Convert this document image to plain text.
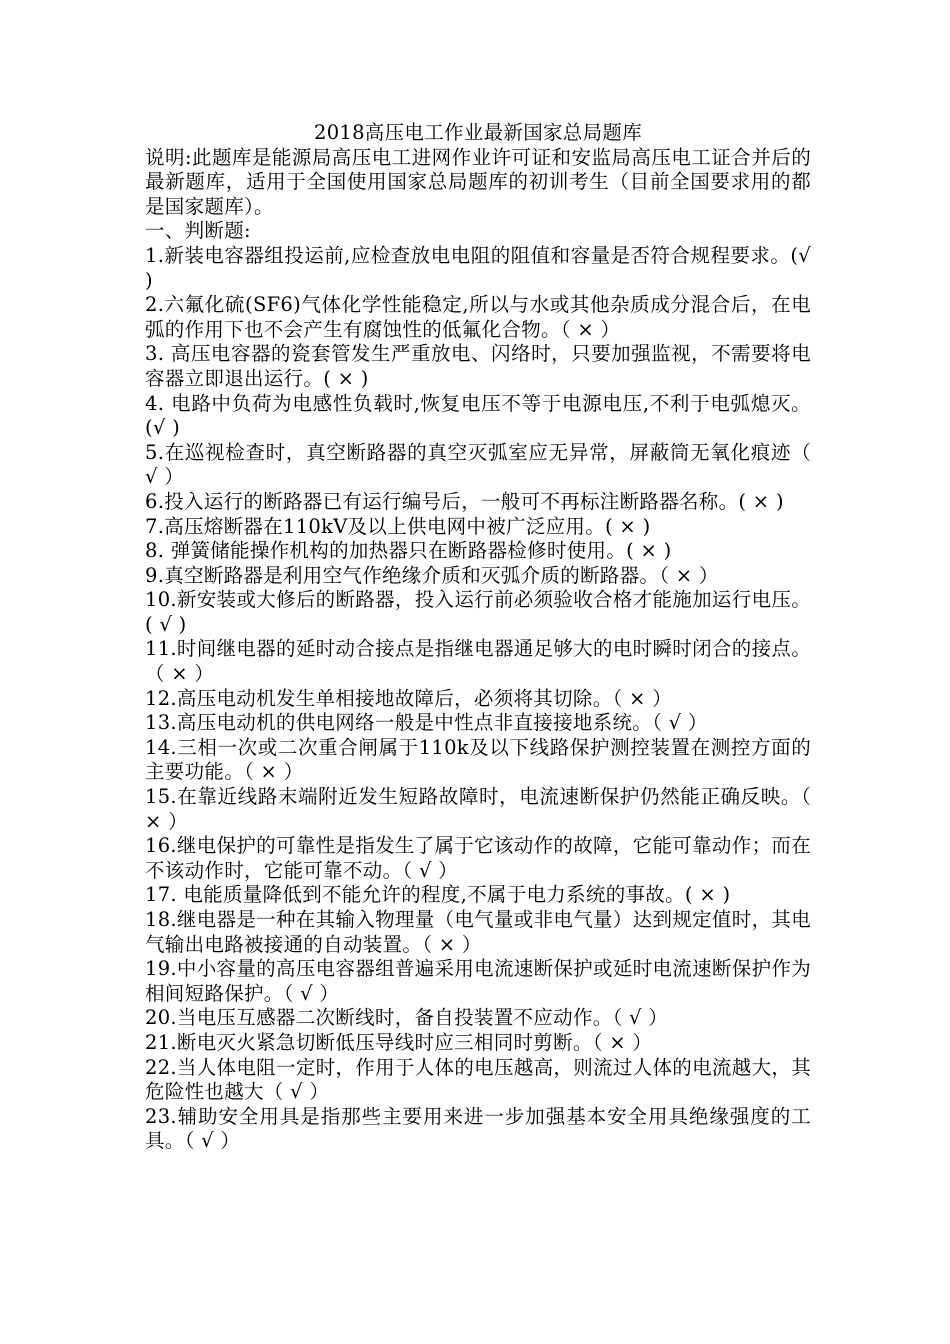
2018高压电工作业最新国家总局题库

说明:此题库是能源局高压电工进网作业许可证和安监局高压电工证合并后的最新题库，适用于全国使用国家总局题库的初训考生（目前全国要求用的都是国家题库）。

一、判断题:

1.新装电容器组投运前,应检查放电电阻的阻值和容量是否符合规程要求。(√ )

2.六氟化硫(SF6)气体化学性能稳定,所以与水或其他杂质成分混合后，在电弧的作用下也不会产生有腐蚀性的低氟化合物。（ × ）

3. 高压电容器的瓷套管发生严重放电、闪络时，只要加强监视，不需要将电容器立即退出运行。( × )

4. 电路中负荷为电感性负载时,恢复电压不等于电源电压,不利于电弧熄灭。(√ )

5.在巡视检查时，真空断路器的真空灭弧室应无异常，屏蔽筒无氧化痕迹（ √ ）

6.投入运行的断路器已有运行编号后，一般可不再标注断路器名称。( × )

7.高压熔断器在110kV及以上供电网中被广泛应用。( × )

8. 弹簧储能操作机构的加热器只在断路器检修时使用。( × )

9.真空断路器是利用空气作绝缘介质和灭弧介质的断路器。（ × ）

10.新安装或大修后的断路器，投入运行前必须验收合格才能施加运行电压。( √ )

11.时间继电器的延时动合接点是指继电器通足够大的电时瞬时闭合的接点。（ × ）

12.高压电动机发生单相接地故障后，必须将其切除。（ × ）

13.高压电动机的供电网络一般是中性点非直接接地系统。（ √ ）

14.三相一次或二次重合闸属于110k及以下线路保护测控装置在测控方面的主要功能。（ × ）

15.在靠近线路末端附近发生短路故障时，电流速断保护仍然能正确反映。（ × ）

16.继电保护的可靠性是指发生了属于它该动作的故障，它能可靠动作；而在不该动作时，它能可靠不动。（ √ ）

17. 电能质量降低到不能允许的程度,不属于电力系统的事故。( × )

18.继电器是一种在其输入物理量（电气量或非电气量）达到规定值时，其电气输出电路被接通的自动装置。（ × ）

19.中小容量的高压电容器组普遍采用电流速断保护或延时电流速断保护作为相间短路保护。（ √ ）

20.当电压互感器二次断线时，备自投装置不应动作。（ √ ）

21.断电灭火紧急切断低压导线时应三相同时剪断。（ × ）

22.当人体电阻一定时，作用于人体的电压越高，则流过人体的电流越大，其危险性也越大（ √ ）

23.辅助安全用具是指那些主要用来进一步加强基本安全用具绝缘强度的工具。（ √ ）
